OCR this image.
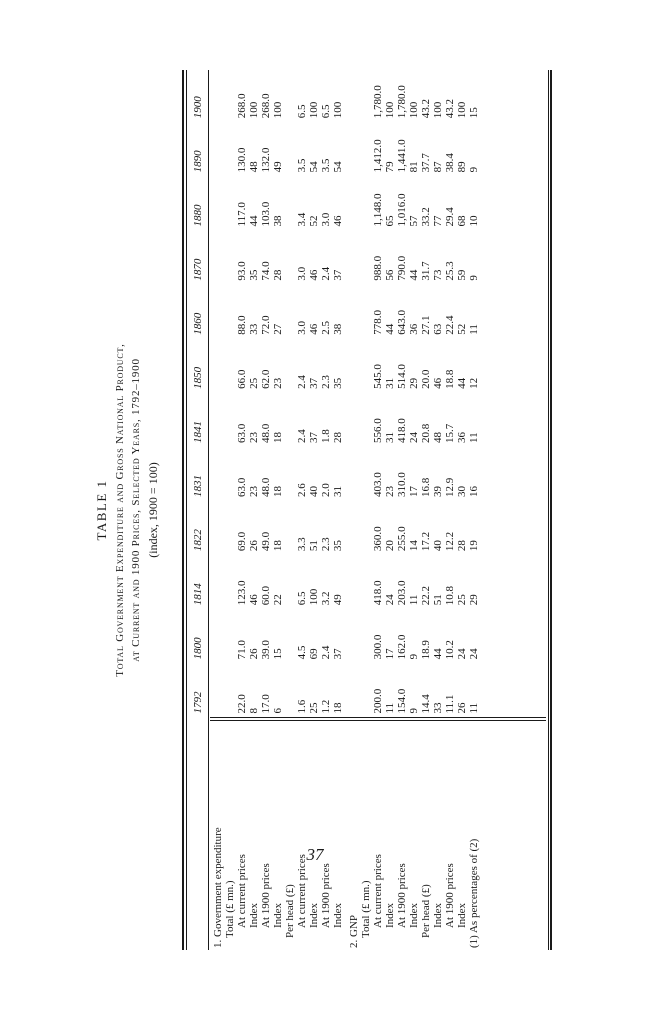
37
TABLE 1 Total Government Expenditure and Gross National Product, at Current and 1900 Prices, Selected Years, 1792–1900 (index, 1900 = 100)
	1792	1800	1814	1822	1831	1841	1850	1860	1870	1880	1890	1900

1. Government expenditure												
Total (£ mn.)												
At current prices	22.0	71.0	123.0	69.0	63.0	63.0	66.0	88.0	93.0	117.0	130.0	268.0
Index	8	26	46	26	23	23	25	33	35	44	48	100
At 1900 prices	17.0	39.0	60.0	49.0	48.0	48.0	62.0	72.0	74.0	103.0	132.0	268.0
Index	6	15	22	18	18	18	23	27	28	38	49	100
Per head (£)												
At current prices	1.6	4.5	6.5	3.3	2.6	2.4	2.4	3.0	3.0	3.4	3.5	6.5
Index	25	69	100	51	40	37	37	46	46	52	54	100
At 1900 prices	1.2	2.4	3.2	2.3	2.0	1.8	2.3	2.5	2.4	3.0	3.5	6.5
Index	18	37	49	35	31	28	35	38	37	46	54	100

2. GNP												
Total (£ mn.)												
At current prices	200.0	300.0	418.0	360.0	403.0	556.0	545.0	778.0	988.0	1,148.0	1,412.0	1,780.0
Index	11	17	24	20	23	31	31	44	56	65	79	100
At 1900 prices	154.0	162.0	203.0	255.0	310.0	418.0	514.0	643.0	790.0	1,016.0	1,441.0	1,780.0
Index	9	9	11	14	17	24	29	36	44	57	81	100
Per head (£)	14.4	18.9	22.2	17.2	16.8	20.8	20.0	27.1	31.7	33.2	37.7	43.2
Index	33	44	51	40	39	48	46	63	73	77	87	100
At 1900 prices	11.1	10.2	10.8	12.2	12.9	15.7	18.8	22.4	25.3	29.4	38.4	43.2
Index	26	24	25	28	30	36	44	52	59	68	89	100
(1) As percentages of (2)	11	24	29	19	16	11	12	11	9	10	9	15
